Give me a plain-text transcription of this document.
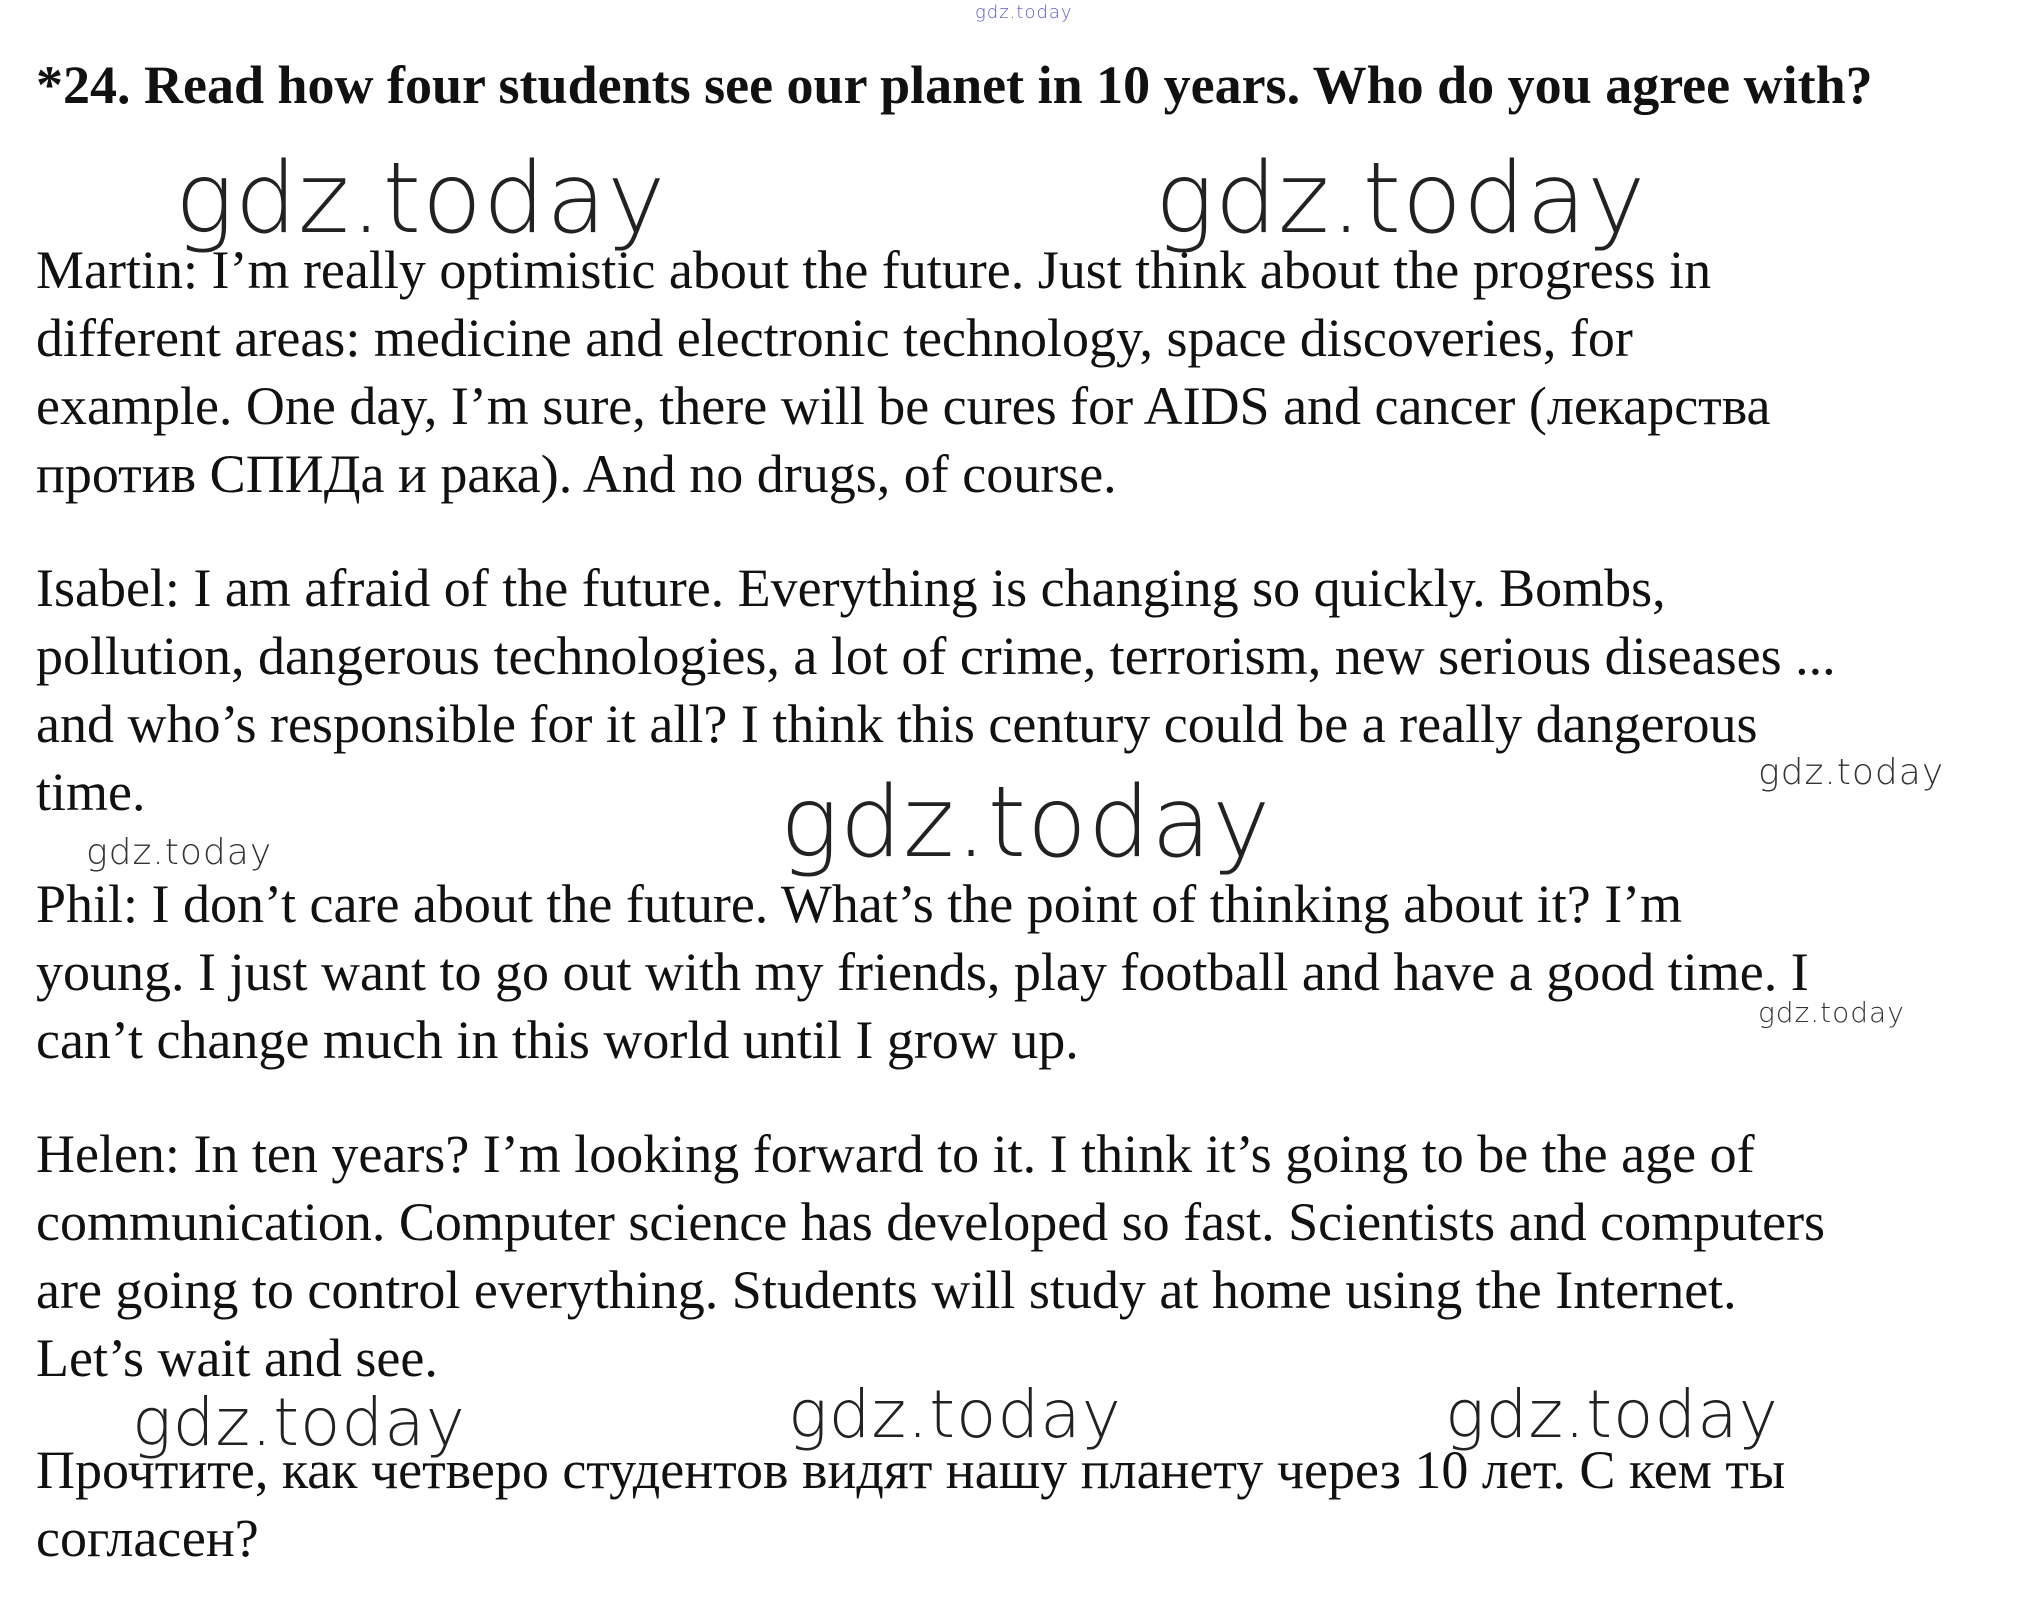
gdz.today
*24. Read how four students see our planet in 10 years. Who do you agree with?
gdz.today	gdz.today

Martin: I’m really optimistic about the future. Just think about the progress in
different areas: medicine and electronic technology, space discoveries, for
example. One day, I’m sure, there will be cures for AIDS and cancer (лекарства
против СПИДа и рака). And no drugs, of course.

Isabel: I am afraid of the future. Everything is changing so quickly. Bombs,
pollution, dangerous technologies, a lot of crime, terrorism, new serious diseases ...
and who’s responsible for it all? I think this century could be a really dangerous
time.	gdz.today
gdz.today
gdz.today

Phil: I don’t care about the future. What’s the point of thinking about it? I’m
young. I just want to go out with my friends, play football and have a good time. I
can’t change much in this world until I grow up.	gdz.today

Helen: In ten years? I’m looking forward to it. I think it’s going to be the age of
communication. Computer science has developed so fast. Scientists and computers
are going to control everything. Students will study at home using the Internet.
Let’s wait and see.

gdz.today	gdz.today	gdz.today

Прочтите, как четверо студентов видят нашу планету через 10 лет. С кем ты
согласен?
